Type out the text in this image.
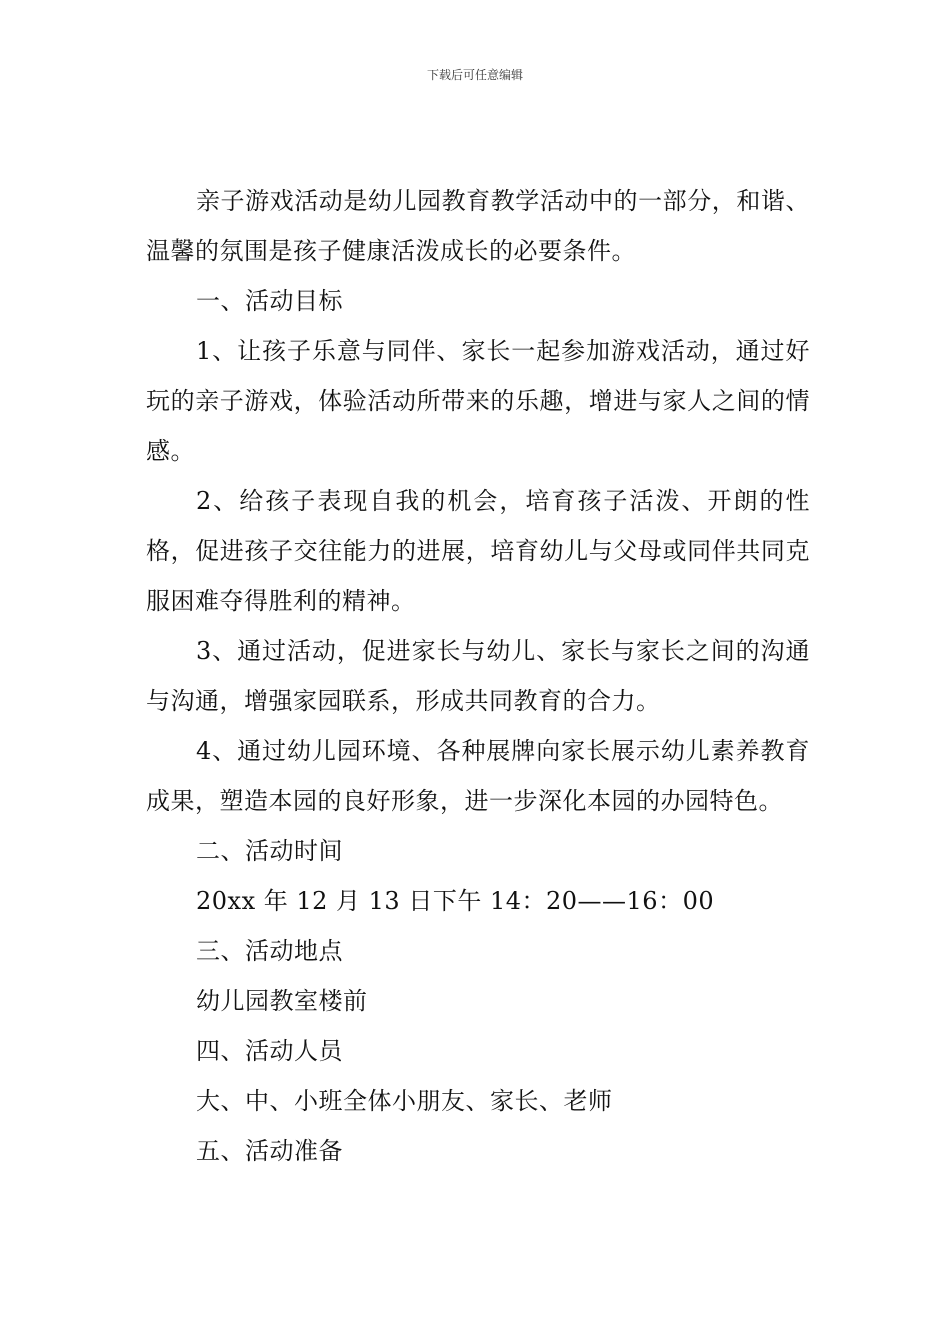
下载后可任意编辑

亲子游戏活动是幼儿园教育教学活动中的一部分，和谐、温馨的氛围是孩子健康活泼成长的必要条件。

一、活动目标

1、让孩子乐意与同伴、家长一起参加游戏活动，通过好玩的亲子游戏，体验活动所带来的乐趣，增进与家人之间的情感。

2、给孩子表现自我的机会，培育孩子活泼、开朗的性格，促进孩子交往能力的进展，培育幼儿与父母或同伴共同克服困难夺得胜利的精神。

3、通过活动，促进家长与幼儿、家长与家长之间的沟通与沟通，增强家园联系，形成共同教育的合力。

4、通过幼儿园环境、各种展牌向家长展示幼儿素养教育成果，塑造本园的良好形象，进一步深化本园的办园特色。

二、活动时间

20xx 年 12 月 13 日下午 14：20——16：00

三、活动地点

幼儿园教室楼前

四、活动人员

大、中、小班全体小朋友、家长、老师

五、活动准备
